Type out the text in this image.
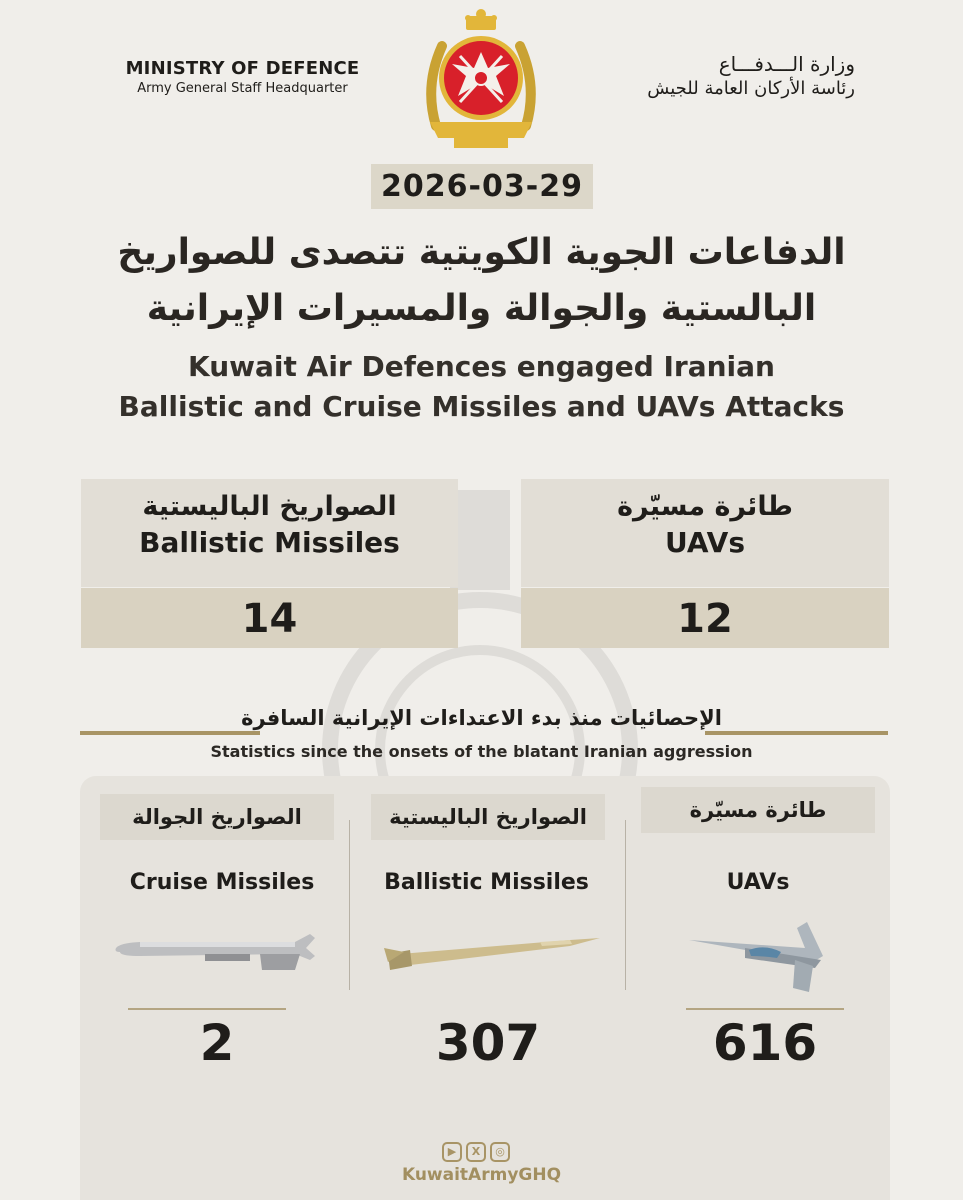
MINISTRY OF DEFENCE
Army General Staff Headquarter
وزارة الـــدفـــاع
رئاسة الأركان العامة للجيش
2026-03-29
الدفاعات الجوية الكويتية تتصدى للصواريخ
البالستية والجوالة والمسيرات الإيرانية
Kuwait Air Defences engaged Iranian
Ballistic and Cruise Missiles and UAVs Attacks
الصواريخ الباليستية
Ballistic Missiles
14
طائرة مسيّرة
UAVs
12
الإحصائيات منذ بدء الاعتداءات الإيرانية السافرة
Statistics since the onsets of the blatant Iranian aggression
الصواريخ الجوالة
Cruise Missiles
2
الصواريخ الباليستية
Ballistic Missiles
307
طائرة مسيّرة
UAVs
616
▶ X ◎
KuwaitArmyGHQ
